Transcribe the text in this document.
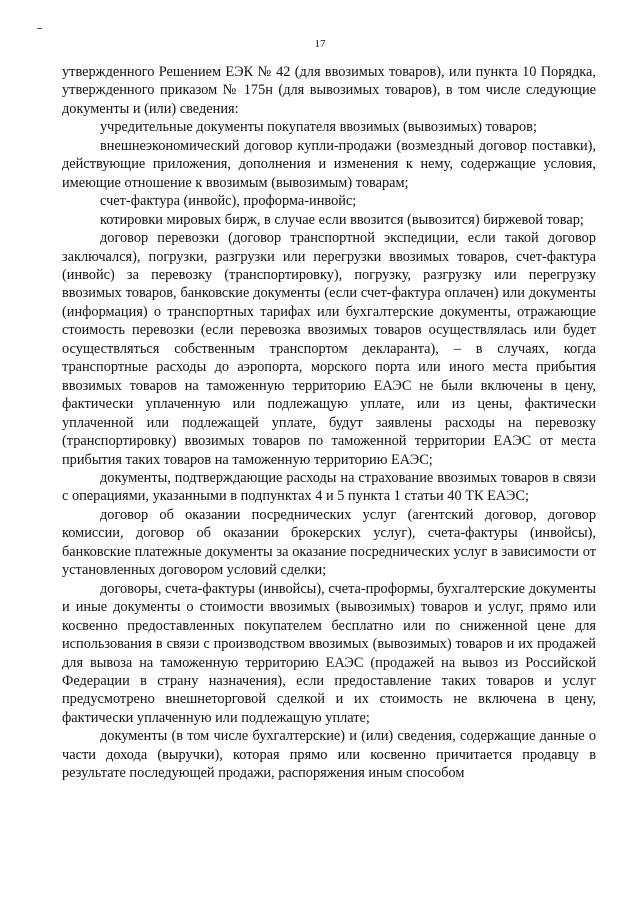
17

утвержденного Решением ЕЭК № 42 (для ввозимых товаров), или пункта 10 Порядка, утвержденного приказом № 175н (для вывозимых товаров), в том числе следующие документы и (или) сведения:

учредительные документы покупателя ввозимых (вывозимых) товаров;

внешнеэкономический договор купли-продажи (возмездный договор поставки), действующие приложения, дополнения и изменения к нему, содержащие условия, имеющие отношение к ввозимым (вывозимым) товарам;

счет-фактура (инвойс), проформа-инвойс;

котировки мировых бирж, в случае если ввозится (вывозится) биржевой товар;

договор перевозки (договор транспортной экспедиции, если такой договор заключался), погрузки, разгрузки или перегрузки ввозимых товаров, счет-фактура (инвойс) за перевозку (транспортировку), погрузку, разгрузку или перегрузку ввозимых товаров, банковские документы (если счет-фактура оплачен) или документы (информация) о транспортных тарифах или бухгалтерские документы, отражающие стоимость перевозки (если перевозка ввозимых товаров осуществлялась или будет осуществляться собственным транспортом декларанта), – в случаях, когда транспортные расходы до аэропорта, морского порта или иного места прибытия ввозимых товаров на таможенную территорию ЕАЭС не были включены в цену, фактически уплаченную или подлежащую уплате, или из цены, фактически уплаченной или подлежащей уплате, будут заявлены расходы на перевозку (транспортировку) ввозимых товаров по таможенной территории ЕАЭС от места прибытия таких товаров на таможенную территорию ЕАЭС;

документы, подтверждающие расходы на страхование ввозимых товаров в связи с операциями, указанными в подпунктах 4 и 5 пункта 1 статьи 40 ТК ЕАЭС;

договор об оказании посреднических услуг (агентский договор, договор комиссии, договор об оказании брокерских услуг), счета-фактуры (инвойсы), банковские платежные документы за оказание посреднических услуг в зависимости от установленных договором условий сделки;

договоры, счета-фактуры (инвойсы), счета-проформы, бухгалтерские документы и иные документы о стоимости ввозимых (вывозимых) товаров и услуг, прямо или косвенно предоставленных покупателем бесплатно или по сниженной цене для использования в связи с производством ввозимых (вывозимых) товаров и их продажей для вывоза на таможенную территорию ЕАЭС (продажей на вывоз из Российской Федерации в страну назначения), если предоставление таких товаров и услуг предусмотрено внешнеторговой сделкой и их стоимость не включена в цену, фактически уплаченную или подлежащую уплате;

документы (в том числе бухгалтерские) и (или) сведения, содержащие данные о части дохода (выручки), которая прямо или косвенно причитается продавцу в результате последующей продажи, распоряжения иным способом
